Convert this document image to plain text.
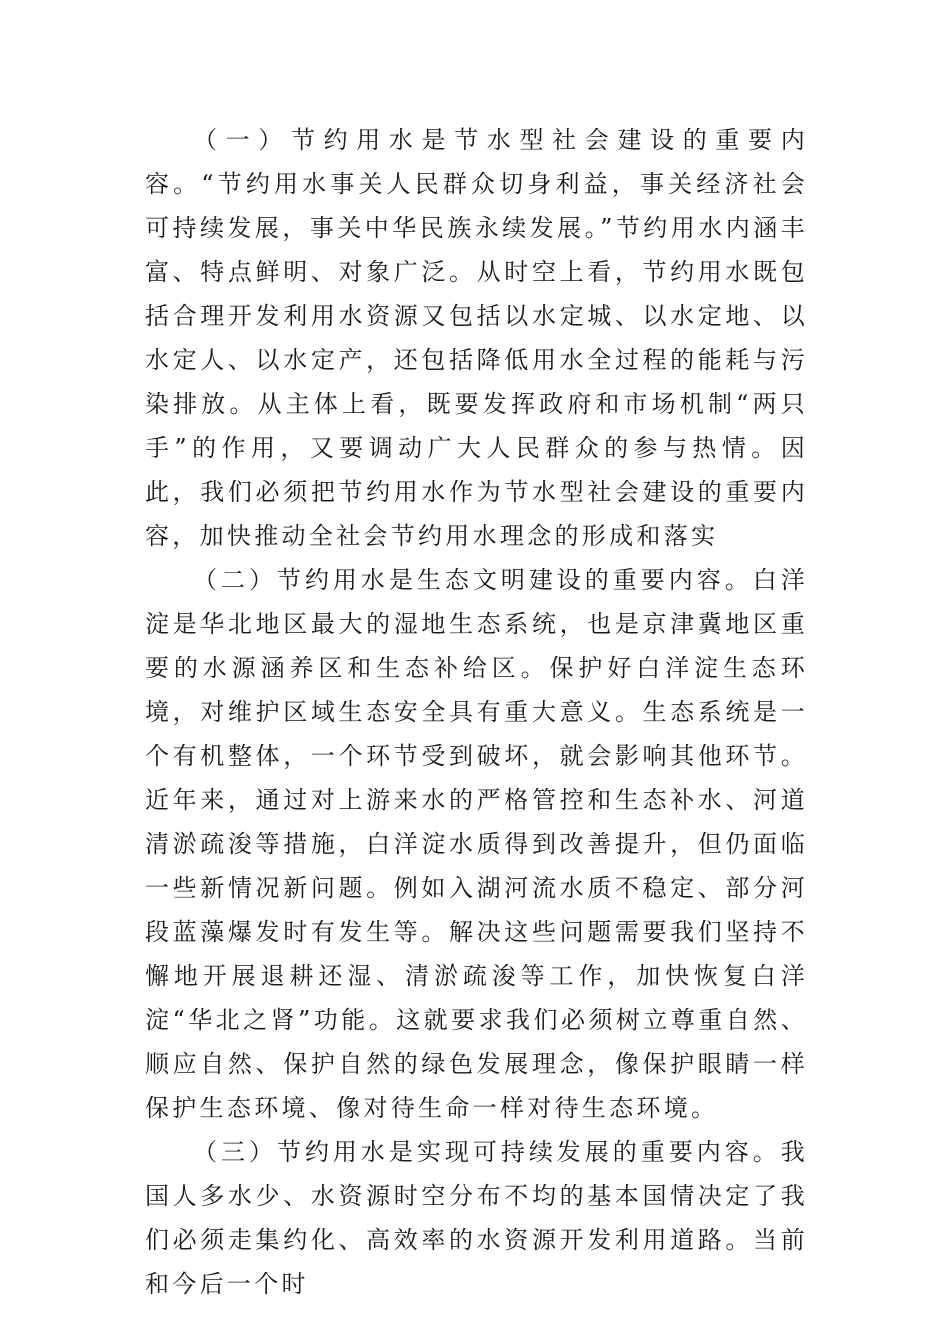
（一）节约用水是节水型社会建设的重要内容。“节约用水事关人民群众切身利益，事关经济社会可持续发展，事关中华民族永续发展。”节约用水内涵丰富、特点鲜明、对象广泛。从时空上看，节约用水既包括合理开发利用水资源又包括以水定城、以水定地、以水定人、以水定产，还包括降低用水全过程的能耗与污染排放。从主体上看，既要发挥政府和市场机制“两只手”的作用，又要调动广大人民群众的参与热情。因此，我们必须把节约用水作为节水型社会建设的重要内容，加快推动全社会节约用水理念的形成和落实

（二）节约用水是生态文明建设的重要内容。白洋淀是华北地区最大的湿地生态系统，也是京津冀地区重要的水源涵养区和生态补给区。保护好白洋淀生态环境，对维护区域生态安全具有重大意义。生态系统是一个有机整体，一个环节受到破坏，就会影响其他环节。近年来，通过对上游来水的严格管控和生态补水、河道清淤疏浚等措施，白洋淀水质得到改善提升，但仍面临一些新情况新问题。例如入湖河流水质不稳定、部分河段蓝藻爆发时有发生等。解决这些问题需要我们坚持不懈地开展退耕还湿、清淤疏浚等工作，加快恢复白洋淀“华北之肾”功能。这就要求我们必须树立尊重自然、顺应自然、保护自然的绿色发展理念，像保护眼睛一样保护生态环境、像对待生命一样对待生态环境。

（三）节约用水是实现可持续发展的重要内容。我国人多水少、水资源时空分布不均的基本国情决定了我们必须走集约化、高效率的水资源开发利用道路。当前和今后一个时
